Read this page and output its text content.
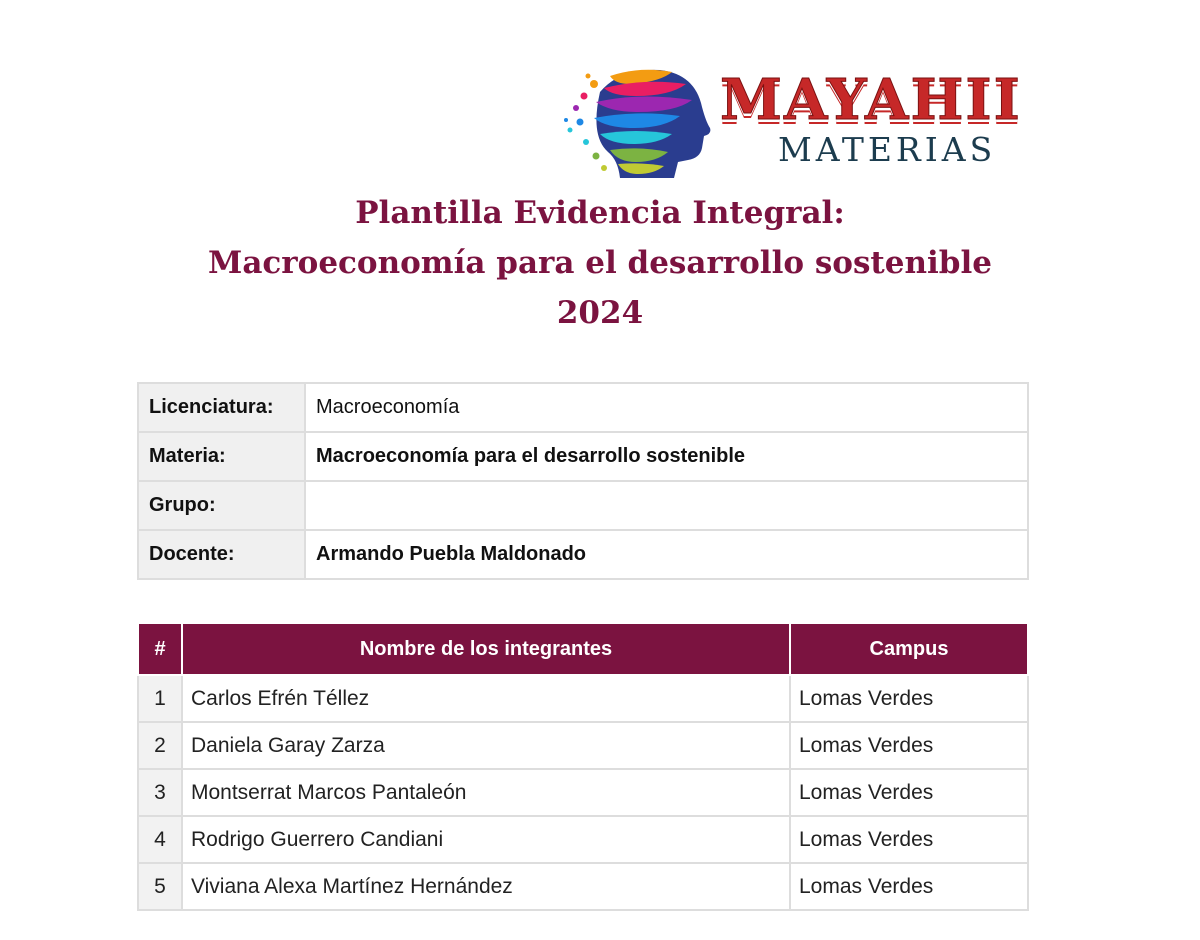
MAYAHII
MATERIAS
Plantilla Evidencia Integral:
Macroeconomía para el desarrollo sostenible
2024
Licenciatura:	Macroeconomía
Materia:	Macroeconomía para el desarrollo sostenible
Grupo:	
Docente:	Armando Puebla Maldonado
#	Nombre de los integrantes	Campus
1	Carlos Efrén Téllez	Lomas Verdes
2	Daniela Garay Zarza	Lomas Verdes
3	Montserrat Marcos Pantaleón	Lomas Verdes
4	Rodrigo Guerrero Candiani	Lomas Verdes
5	Viviana Alexa Martínez Hernández	Lomas Verdes
